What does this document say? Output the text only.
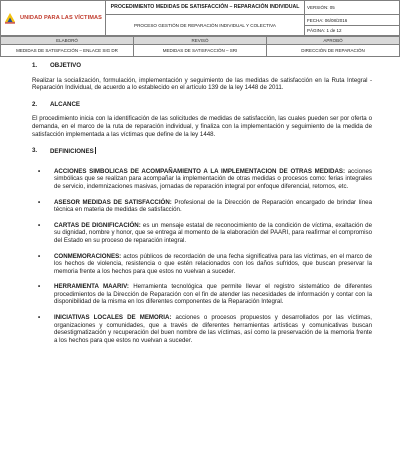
UNIDAD PARA LAS VÍCTIMAS	PROCEDIMIENTO MEDIDAS DE SATISFACCIÓN – REPARACIÓN INDIVIDUAL	VERSIÓN: 05
	PROCESO GESTIÓN DE REPARACIÓN INDIVIDUAL Y COLECTIVA	FECHA: 06/08/2016
		PÁGINA: 1 de 12
ELABORÓ	REVISÓ	APROBÓ
MEDIDAS DE SATISFACCIÓN – ENLACE SIG DR	MEDIDAS DE SATISFACCIÓN – SRI	DIRECCIÓN DE REPARACIÓN
1.	OBJETIVO

Realizar la socialización, formulación, implementación y seguimiento de las medidas de satisfacción en la Ruta Integral - Reparación Individual, de acuerdo a lo establecido en el artículo 139 de la ley 1448 de 2011.

2.	ALCANCE

El procedimiento inicia con la identificación de las solicitudes de medidas de satisfacción, las cuales pueden ser por oferta o demanda, en el marco de la ruta de reparación individual, y finaliza con la implementación y seguimiento de la medida de satisfacción implementada a las víctimas que define de la ley 1448.

3.	DEFINICIONES
•	ACCIONES SIMBOLICAS DE ACOMPAÑAMIENTO A LA IMPLEMENTACION DE OTRAS MEDIDAS: acciones simbólicas que se realizan para acompañar la implementación de otras medidas o procesos como: ferias integrales de servicio, indemnizaciones masivas, jornadas de reparación integral por enfoque diferencial, retornos, etc.
•	ASESOR MEDIDAS DE SATISFACCIÓN: Profesional de la Dirección de Reparación encargado de brindar línea técnica en materia de medidas de satisfacción.
•	CARTAS DE DIGNIFICACIÓN: es un mensaje estatal de reconocimiento de la condición de víctima, exaltación de su dignidad, nombre y honor, que se entrega al momento de la elaboración del PAARI, para reafirmar el compromiso del Estado en su proceso de reparación integral.
•	CONMEMORACIONES: actos públicos de recordación de una fecha significativa para las víctimas, en el marco de los hechos de violencia, resistencia o que estén relacionados con los daños sufridos, que buscan preservar la memoria frente a los hechos para que estos no vuelvan a suceder.
•	HERRAMIENTA MAARIV: Herramienta tecnológica que permite llevar el registro sistemático de diferentes procedimientos de la Dirección de Reparación con el fin de atender las necesidades de información y contar con la disponibilidad de la misma en los diferentes componentes de la Reparación Integral.
•	INICIATIVAS LOCALES DE MEMORIA: acciones o procesos propuestos y desarrollados por las víctimas, organizaciones y comunidades, que a través de diferentes herramientas artísticas y comunicativas buscan desestigmatización y recuperación del buen nombre de las víctimas, así como la preservación de la memoria frente a los hechos para que estos no vuelvan a suceder.
